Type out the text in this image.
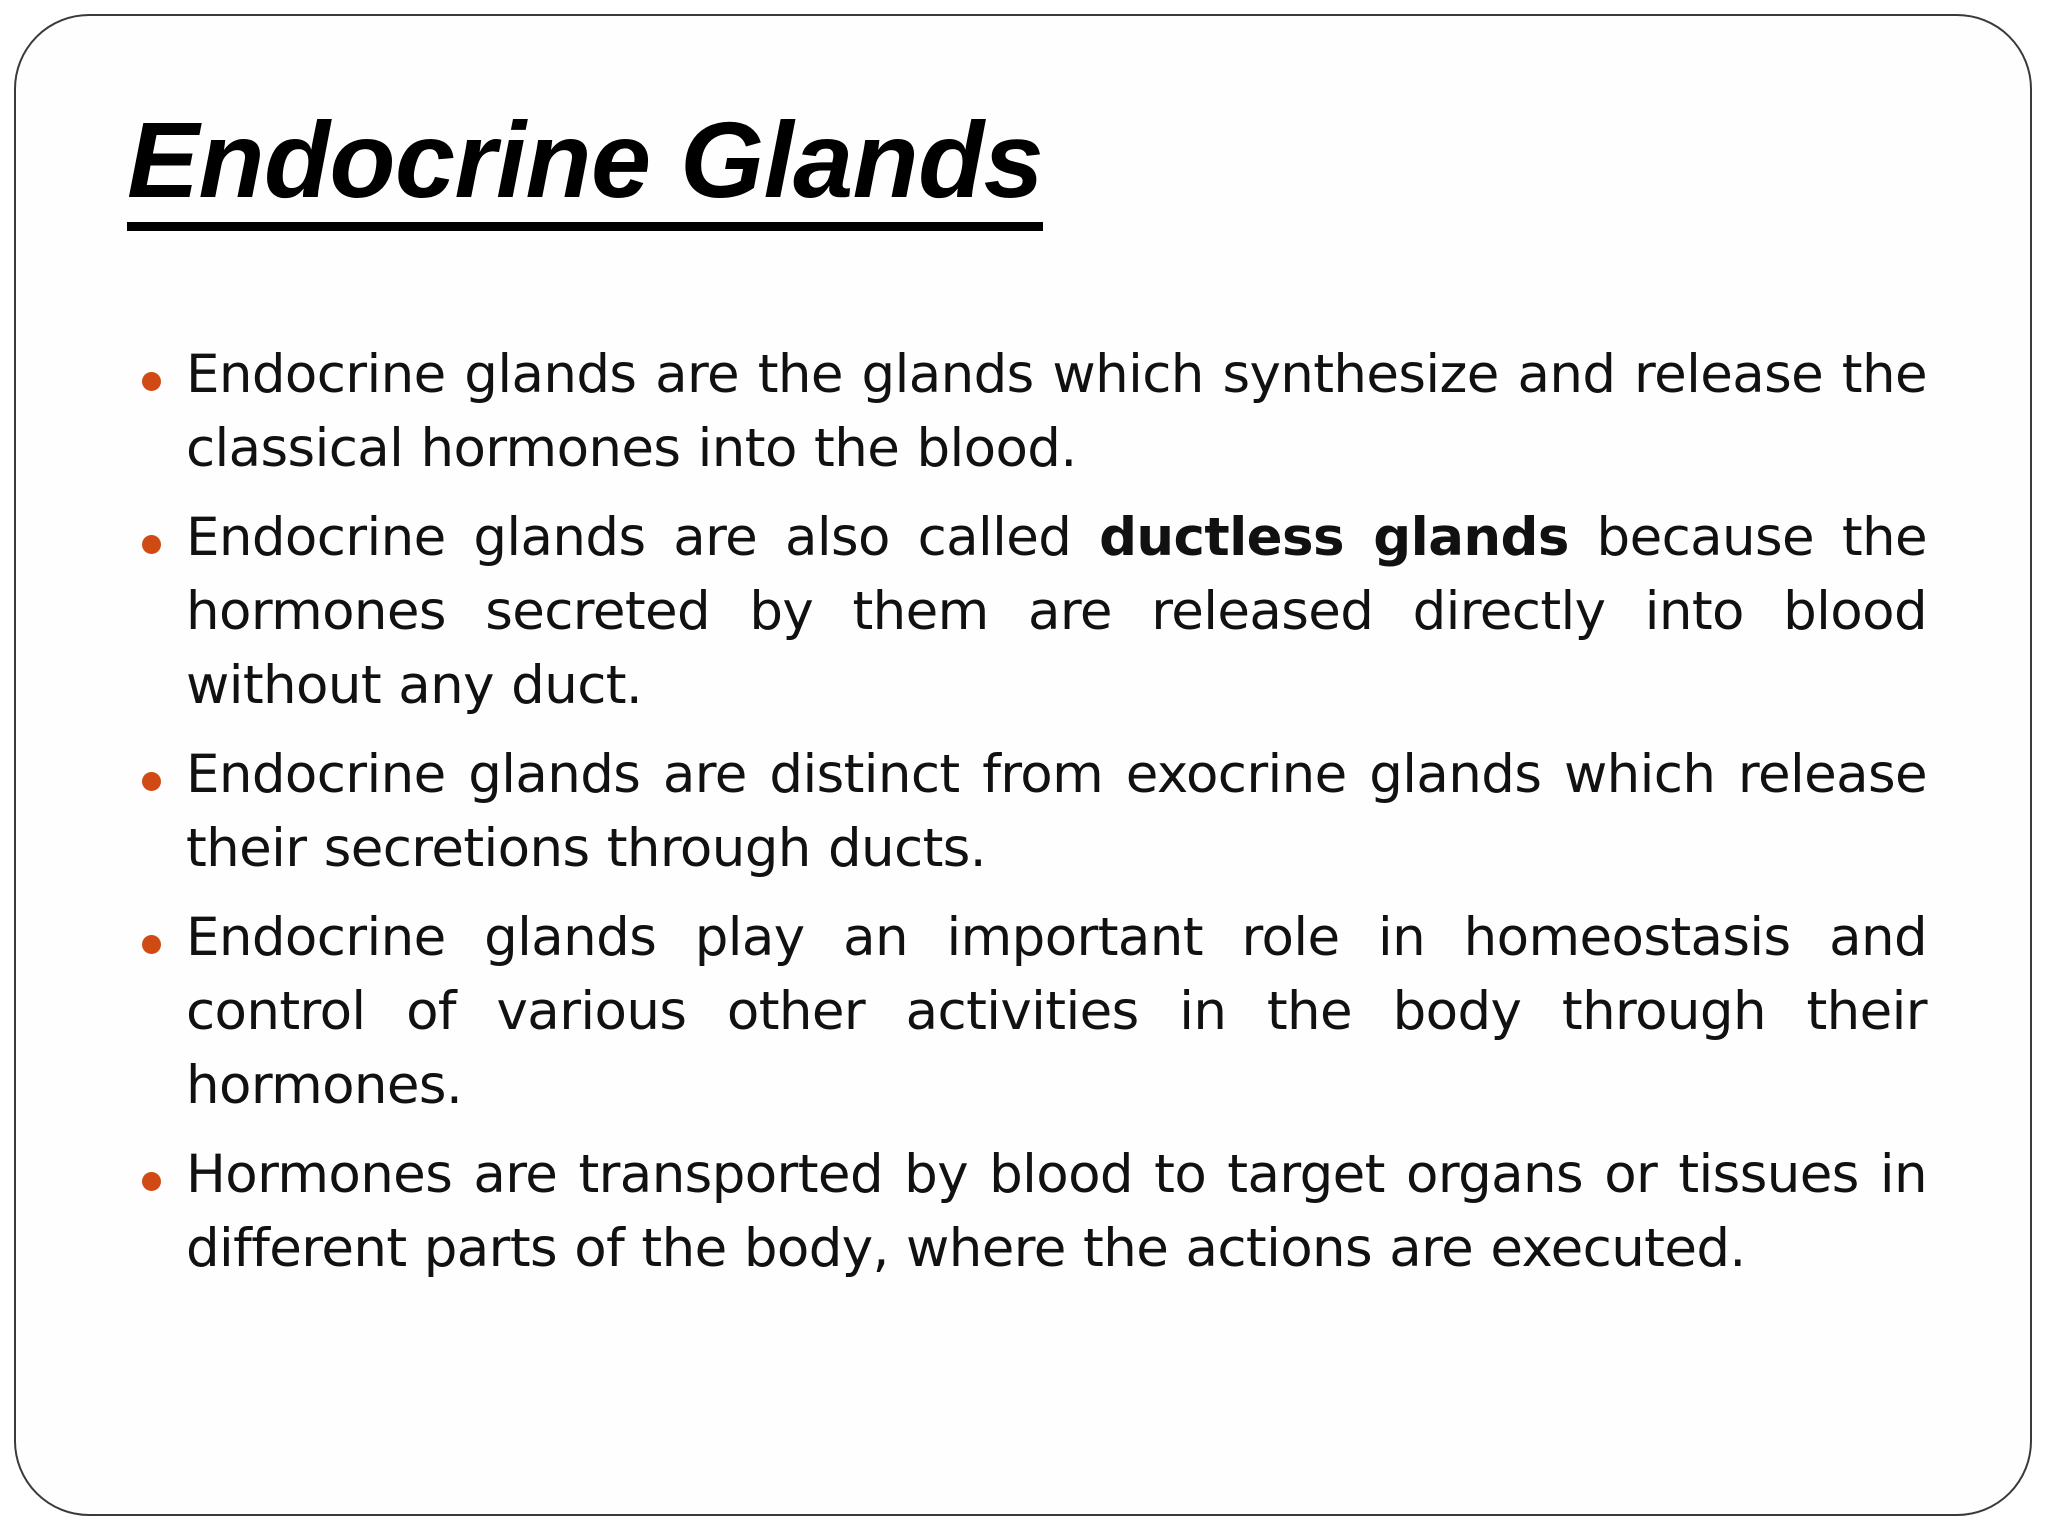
Endocrine Glands
Endocrine glands are the glands which synthesize and release the classical hormones into the blood.
Endocrine glands are also called ductless glands because the hormones secreted by them are released directly into blood without any duct.
Endocrine glands are distinct from exocrine glands which release their secretions through ducts.
Endocrine glands play an important role in homeostasis and control of various other activities in the body through their hormones.
Hormones are transported by blood to target organs or tissues in different parts of the body, where the actions are executed.
